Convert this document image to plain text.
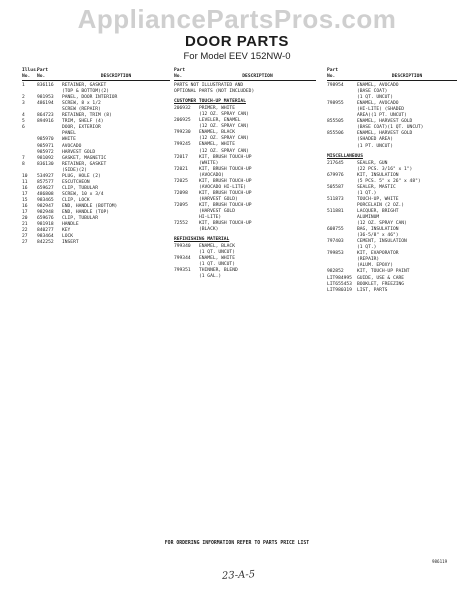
AppliancePartsPros.com
DOOR PARTS
For Model EEV 152NW-0
Illus.
Part
No.	No.	DESCRIPTION
1	836116	RETAINER, GASKET
(TOP & BOTTOM)(2)
2	981953	PANEL, DOOR INTERIOR
3	486194	SCREW, 8 x 1/2
SCREW (REPAIR)
4	864723	RETAINER, TRIM (8)
5	894916	TRIM, SHELF (4)
6	DOOR, EXTERIOR
PANEL
985970	WHITE
985971	AVOCADO
985972	HARVEST GOLD
7	981092	GASKET, MAGNETIC
8	836130	RETAINER, GASKET
(SIDE)(2)
10	534927	PLUG, HOLE (2)
11	857577	ESCUTCHEON
16	659627	CLIP, TUBULAR
17	486808	SCREW, 10 x 3/4
15	983465	CLIP, LOCK
16	982947	END, HANDLE (BOTTOM)
17	982948	END, HANDLE (TOP)
20	659676	CLIP, TUBULAR
21	981918	HANDLE
22	840277	KEY
27	983464	LOCK
27	842252	INSERT
Part
No.	DESCRIPTION
PARTS NOT ILLUSTRATED AND
OPTIONAL PARTS (NOT INCLUDED)
CUSTOMER TOUCH-UP MATERIAL
206932	PRIMER, WHITE
(12 OZ. SPRAY CAN)
206925	LEVELER, ENAMEL
(12 OZ. SPRAY CAN)
799230	ENAMEL, BLACK
(12 OZ. SPRAY CAN)
799245	ENAMEL, WHITE
(12 OZ. SPRAY CAN)
72017	KIT, BRUSH TOUCH-UP
(WHITE)
72021	KIT, BRUSH TOUCH-UP
(AVOCADO)
72025	KIT, BRUSH TOUCH-UP
(AVOCADO HI-LITE)
72098	KIT, BRUSH TOUCH-UP
(HARVEST GOLD)
72095	KIT, BRUSH TOUCH-UP
(HARVEST GOLD
HI-LITE)
72552	KIT, BRUSH TOUCH-UP
(BLACK)
REFINISHING MATERIAL
799340	ENAMEL, BLACK
(1 QT. UNCUT)
799344	ENAMEL, WHITE
(1 QT. UNCUT)
799351	THINNER, BLEND
(1 GAL.)
Part
No.	DESCRIPTION
798954	ENAMEL, AVOCADO
(BASE COAT)
(1 QT. UNCUT)
798955	ENAMEL, AVOCADO
(HI-LITE) (SHADED
AREA)(1 PT. UNCUT)
855505	ENAMEL, HARVEST GOLD
(BASE COAT)(1 QT. UNCUT)
855506	ENAMEL, HARVEST GOLD
(SHADED AREA)
(1 PT. UNCUT)
MISCELLANEOUS
217645	SEALER, GUN
(22 PCS. 3/16" x 1")
679976	KIT, INSULATION
(5 PCS. 5" x 26" x 48")
505587	SEALER, MASTIC
(1 QT.)
511873	TOUCH-UP, WHITE
PORCELAIN (2 OZ.)
511881	LACQUER, BRIGHT
ALUMINUM
(12 OZ. SPRAY CAN)
608755	BAG, INSULATION
(36-5/8" x 46")
797403	CEMENT, INSULATION
(1 QT.)
799853	KIT, EVAPORATOR
(REPAIR)
(ALUM. EPOXY)
982852	KIT, TOUCH-UP PAINT
LIT984995	GUIDE, USE & CARE
LIT655453	BOOKLET, FREEZING
LIT980319	LIST, PARTS
FOR ORDERING INFORMATION REFER TO PARTS PRICE LIST
986119
23-A-5
